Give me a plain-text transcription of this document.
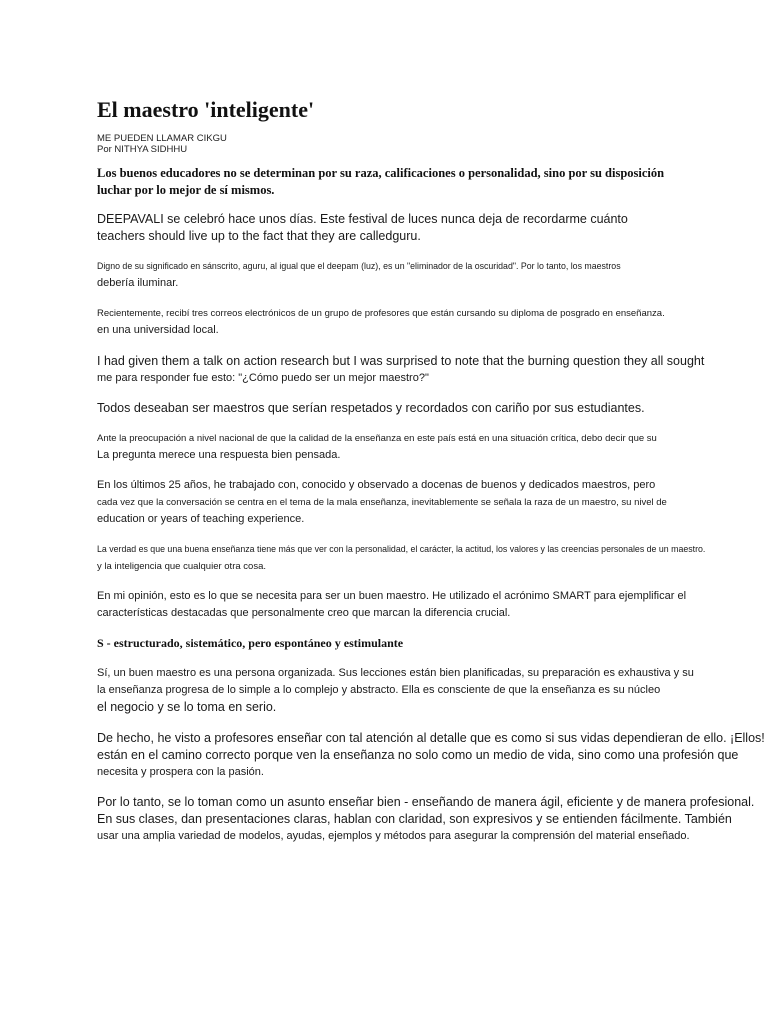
El maestro 'inteligente'
ME PUEDEN LLAMAR CIKGU
Por NITHYA SIDHHU

Los buenos educadores no se determinan por su raza, calificaciones o personalidad, sino por su disposición
luchar por lo mejor de sí mismos.

DEEPAVALI se celebró hace unos días. Este festival de luces nunca deja de recordarme cuánto
teachers should live up to the fact that they are calledguru.

Digno de su significado en sánscrito, aguru, al igual que el deepam (luz), es un "eliminador de la oscuridad". Por lo tanto, los maestros
debería iluminar.

Recientemente, recibí tres correos electrónicos de un grupo de profesores que están cursando su diploma de posgrado en enseñanza.
en una universidad local.

I had given them a talk on action research but I was surprised to note that the burning question they all sought
me para responder fue esto: "¿Cómo puedo ser un mejor maestro?"

Todos deseaban ser maestros que serían respetados y recordados con cariño por sus estudiantes.

Ante la preocupación a nivel nacional de que la calidad de la enseñanza en este país está en una situación crítica, debo decir que su
La pregunta merece una respuesta bien pensada.

En los últimos 25 años, he trabajado con, conocido y observado a docenas de buenos y dedicados maestros, pero
cada vez que la conversación se centra en el tema de la mala enseñanza, inevitablemente se señala la raza de un maestro, su nivel de
education or years of teaching experience.

La verdad es que una buena enseñanza tiene más que ver con la personalidad, el carácter, la actitud, los valores y las creencias personales de un maestro.
y la inteligencia que cualquier otra cosa.

En mi opinión, esto es lo que se necesita para ser un buen maestro. He utilizado el acrónimo SMART para ejemplificar el
características destacadas que personalmente creo que marcan la diferencia crucial.

S - estructurado, sistemático, pero espontáneo y estimulante

Sí, un buen maestro es una persona organizada. Sus lecciones están bien planificadas, su preparación es exhaustiva y su
la enseñanza progresa de lo simple a lo complejo y abstracto. Ella es consciente de que la enseñanza es su núcleo
el negocio y se lo toma en serio.

De hecho, he visto a profesores enseñar con tal atención al detalle que es como si sus vidas dependieran de ello. ¡Ellos!
están en el camino correcto porque ven la enseñanza no solo como un medio de vida, sino como una profesión que
necesita y prospera con la pasión.

Por lo tanto, se lo toman como un asunto enseñar bien - enseñando de manera ágil, eficiente y de manera profesional.
En sus clases, dan presentaciones claras, hablan con claridad, son expresivos y se entienden fácilmente. También
usar una amplia variedad de modelos, ayudas, ejemplos y métodos para asegurar la comprensión del material enseñado.
